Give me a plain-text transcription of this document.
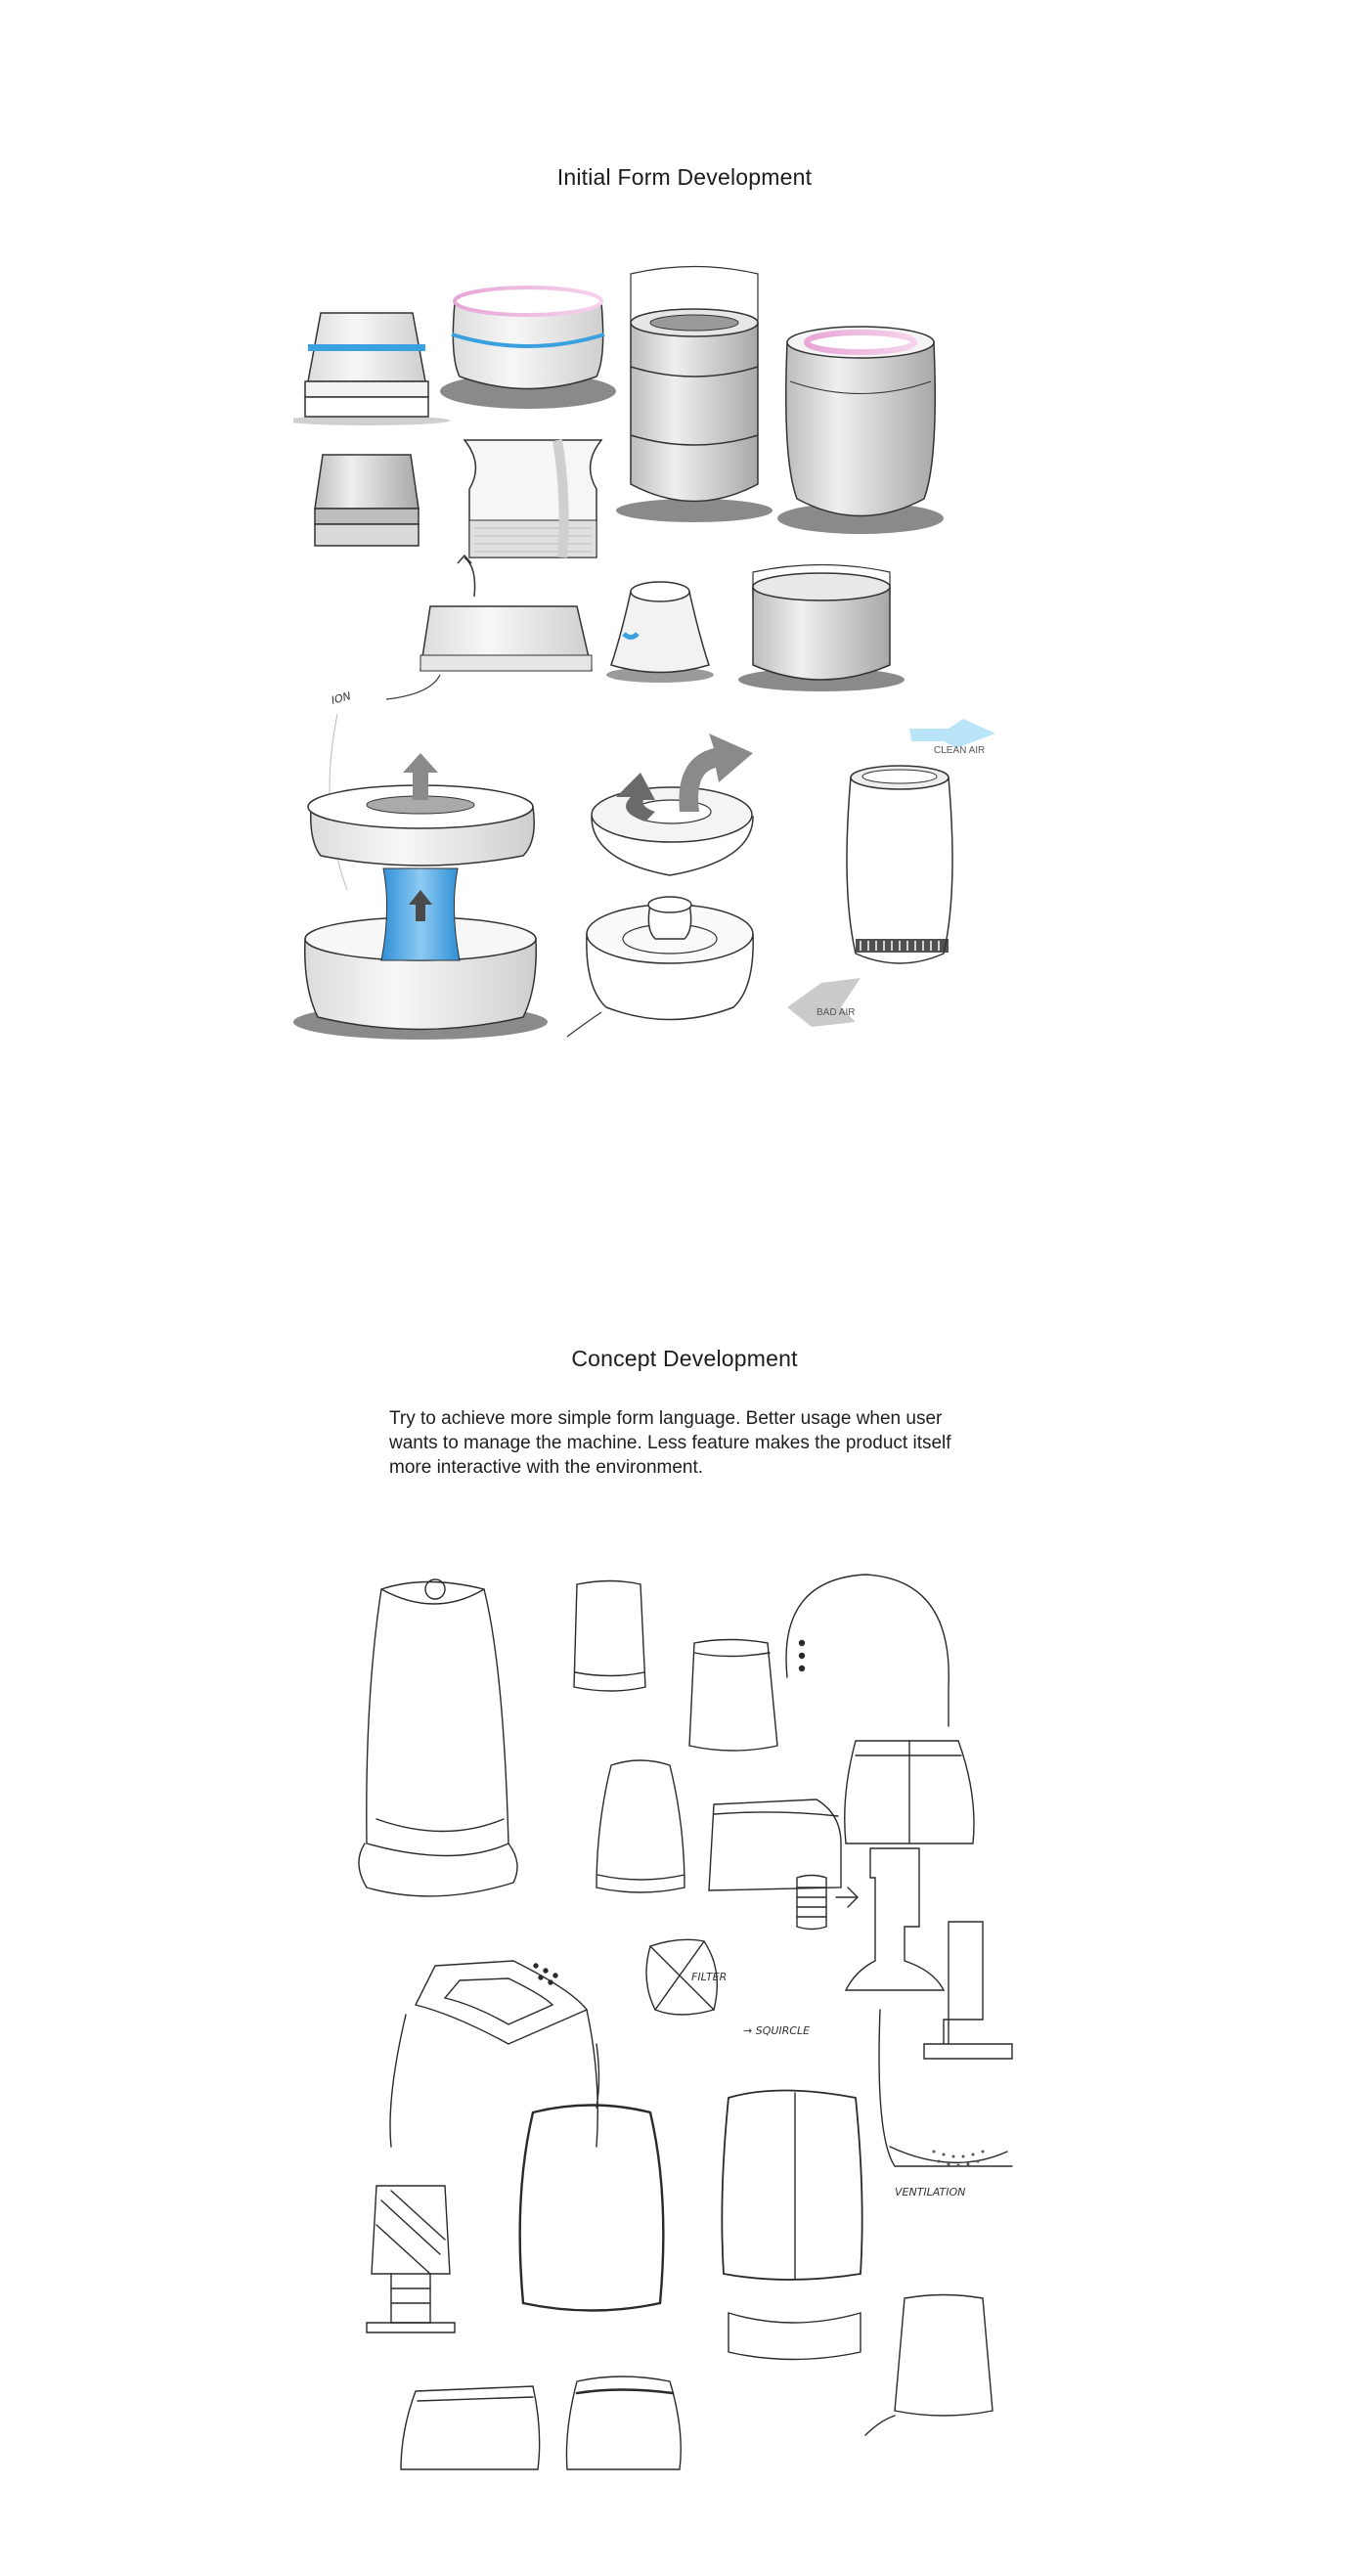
Initial Form Development
ION
CLEAN AIR
BAD AIR
Concept Development
Try to achieve more simple form language. Better usage when user wants to manage the machine. Less feature makes the product itself more interactive with the environment.
FILTER
→ SQUIRCLE
VENTILATION
